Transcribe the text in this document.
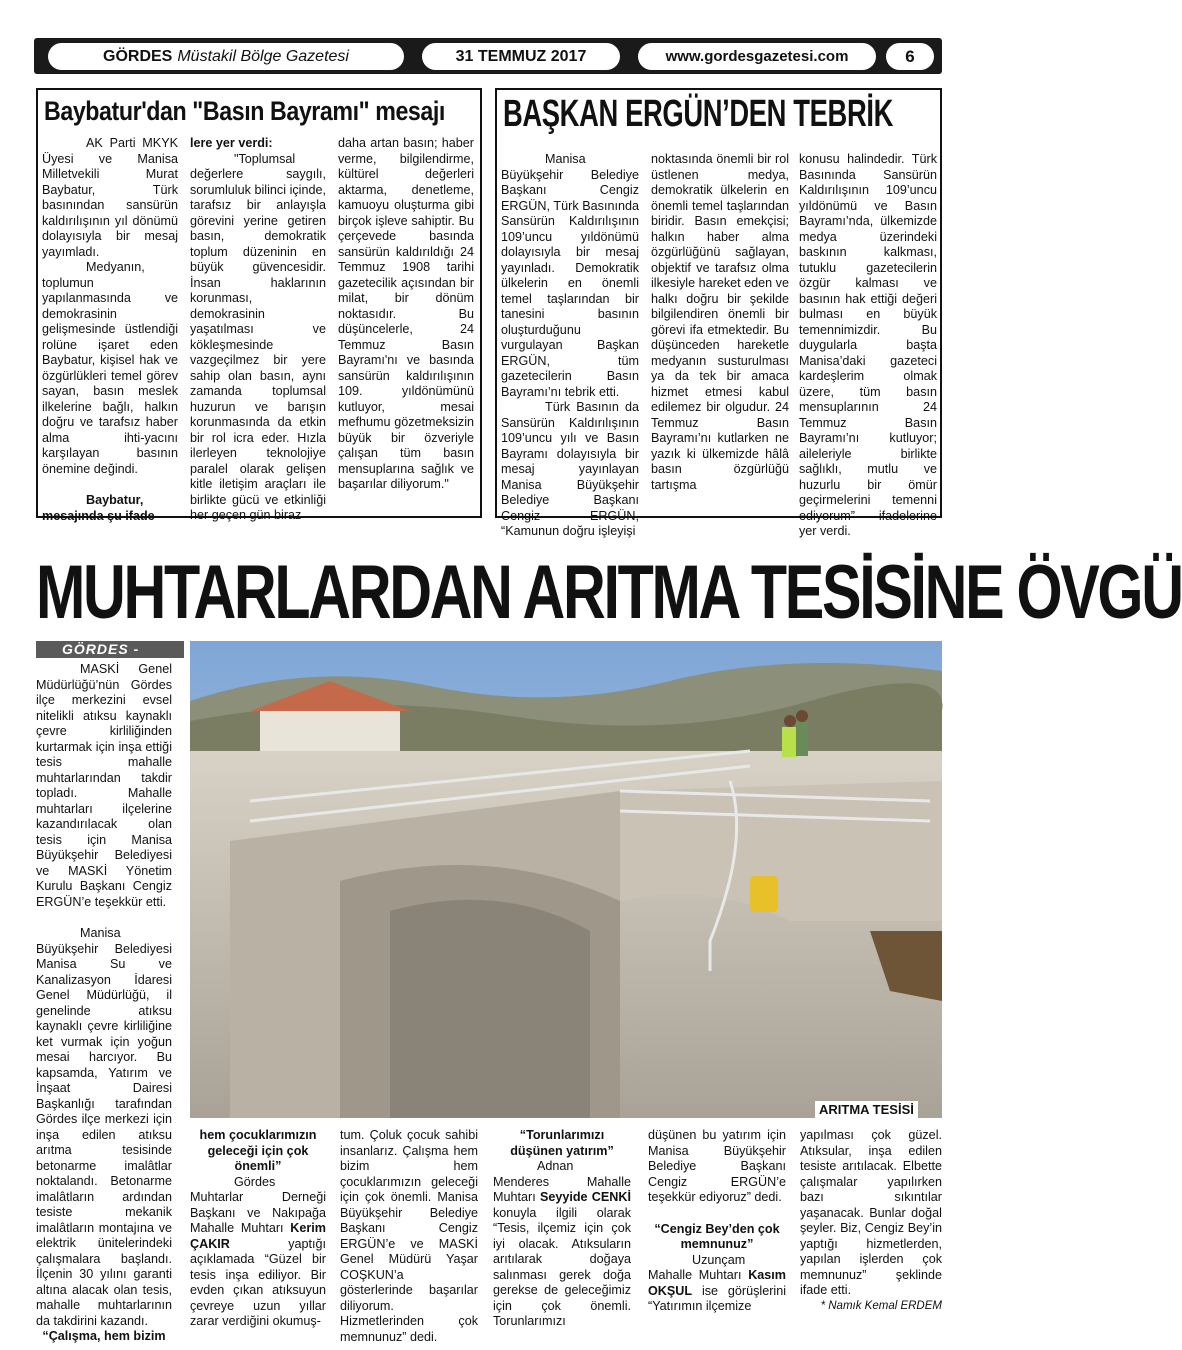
GÖRDES Müstakil Bölge Gazetesi	31 TEMMUZ 2017	www.gordesgazetesi.com	6
Baybatur'dan "Basın Bayramı" mesajı

AK Parti MKYK Üyesi ve Manisa Milletvekili Murat Baybatur, Türk basınından sansürün kaldırılışının yıl dönümü dolayısıyla bir mesaj yayımladı.

Medyanın, toplumun yapılanmasında ve demokrasinin gelişmesinde üstlendiği rolüne işaret eden Baybatur, kişisel hak ve özgürlükleri temel görev sayan, basın meslek ilkelerine bağlı, halkın doğru ve tarafsız haber alma ihti-yacını karşılayan basının önemine değindi.

Baybatur, mesajında şu ifade-

lere yer verdi:

"Toplumsal değerlere saygılı, sorumluluk bilinci içinde, tarafsız bir anlayışla görevini yerine getiren basın, demokratik toplum düzeninin en büyük güvencesidir. İnsan haklarının korunması, demokrasinin yaşatılması ve kökleşmesinde vazgeçilmez bir yere sahip olan basın, aynı zamanda toplumsal huzurun ve barışın korunmasında da etkin bir rol icra eder. Hızla ilerleyen teknolojiye paralel olarak gelişen kitle iletişim araçları ile birlikte gücü ve etkinliği her geçen gün biraz

daha artan basın; haber verme, bilgilendirme, kültürel değerleri aktarma, denetleme, kamuoyu oluşturma gibi birçok işleve sahiptir. Bu çerçevede basında sansürün kaldırıldığı 24 Temmuz 1908 tarihi gazetecilik açısından bir milat, bir dönüm noktasıdır. Bu düşüncelerle, 24 Temmuz Basın Bayramı'nı ve basında sansürün kaldırılışının 109. yıldönümünü kutluyor, mesai mefhumu gözetmeksizin büyük bir özveriyle çalışan tüm basın mensuplarına sağlık ve başarılar diliyorum."
BAŞKAN ERGÜN’DEN TEBRİK

Manisa Büyükşehir Belediye Başkanı Cengiz ERGÜN, Türk Basınında Sansürün Kaldırılışının 109’uncu yıldönümü dolayısıyla bir mesaj yayınladı. Demokratik ülkelerin en önemli temel taşlarından bir tanesini basının oluşturduğunu vurgulayan Başkan ERGÜN, tüm gazetecilerin Basın Bayramı’nı tebrik etti.

Türk Basının da Sansürün Kaldırılışının 109’uncu yılı ve Basın Bayramı dolayısıyla bir mesaj yayınlayan Manisa Büyükşehir Belediye Başkanı Cengiz ERGÜN, “Kamunun doğru işleyişi

noktasında önemli bir rol üstlenen medya, demokratik ülkelerin en önemli temel taşlarından biridir. Basın emekçisi; halkın haber alma özgürlüğünü sağlayan, objektif ve tarafsız olma ilkesiyle hareket eden ve halkı doğru bir şekilde bilgilendiren önemli bir görevi ifa etmektedir. Bu düşünceden hareketle medyanın susturulması ya da tek bir amaca hizmet etmesi kabul edilemez bir olgudur. 24 Temmuz Basın Bayramı’nı kutlarken ne yazık ki ülkemizde hâlâ basın özgürlüğü tartışma
konusu halindedir. Türk Basınında Sansürün Kaldırılışının 109’uncu yıldönümü ve Basın Bayramı’nda, ülkemizde medya üzerindeki baskının kalkması, tutuklu gazetecilerin özgür kalması ve basının hak ettiği değeri bulması en büyük temennimizdir. Bu duygularla başta Manisa’daki gazeteci kardeşlerim olmak üzere, tüm basın mensuplarının 24 Temmuz Basın Bayramı’nı kutluyor; aileleriyle birlikte sağlıklı, mutlu ve huzurlu bir ömür geçirmelerini temenni ediyorum” ifadelerine yer verdi.
MUHTARLARDAN ARITMA TESİSİNE ÖVGÜ
GÖRDES -

MASKİ Genel Müdürlüğü’nün Gördes ilçe merkezini evsel nitelikli atıksu kaynaklı çevre kirliliğinden kurtarmak için inşa ettiği tesis mahalle muhtarlarından takdir topladı. Mahalle muhtarları ilçelerine kazandırılacak olan tesis için Manisa Büyükşehir Belediyesi ve MASKİ Yönetim Kurulu Başkanı Cengiz ERGÜN’e teşekkür etti.

Manisa Büyükşehir Belediyesi Manisa Su ve Kanalizasyon İdaresi Genel Müdürlüğü, il genelinde atıksu kaynaklı çevre kirliliğine ket vurmak için yoğun mesai harcıyor. Bu kapsamda, Yatırım ve İnşaat Dairesi Başkanlığı tarafından Gördes ilçe merkezi için inşa edilen atıksu arıtma tesisinde betonarme imalâtlar noktalandı. Betonarme imalâtların ardından tesiste mekanik imalâtların montajına ve elektrik ünitelerindeki çalışmalara başlandı. İlçenin 30 yılını garanti altına alacak olan tesis, mahalle muhtarlarının da takdirini kazandı.

“Çalışma, hem bizim
ARITMA TESİSİ
hem çocuklarımızın geleceği için çok önemli”

Gördes Muhtarlar Derneği Başkanı ve Nakıpağa Mahalle Muhtarı Kerim ÇAKIR	yaptığı açıklamada “Güzel bir tesis inşa ediliyor. Bir evden çıkan atıksuyun çevreye uzun yıllar zarar verdiğini okumuş-

tum. Çoluk çocuk sahibi insanlarız. Çalışma hem bizim hem çocuklarımızın geleceği için çok önemli. Manisa Büyükşehir Belediye Başkanı Cengiz ERGÜN’e ve MASKİ Genel Müdürü Yaşar COŞKUN’a gösterlerinde başarılar diliyorum. Hizmetlerinden çok memnunuz” dedi.
“Torunlarımızı düşünen yatırım”

Adnan Menderes Mahalle Muhtarı Seyyide CENKİ konuyla ilgili olarak “Tesis, ilçemiz için çok iyi olacak. Atıksuların arıtılarak doğaya salınması gerek doğa gerekse de geleceğimiz için çok önemli. Torunlarımızı

düşünen bu yatırım için Manisa Büyükşehir Belediye Başkanı Cengiz ERGÜN’e teşekkür ediyoruz” dedi.
“Cengiz Bey’den çok memnunuz”

Uzunçam Mahalle Muhtarı Kasım OKŞUL ise görüşlerini “Yatırımın ilçemize

yapılması çok güzel. Atıksular, inşa edilen tesiste arıtılacak. Elbette çalışmalar yapılırken bazı sıkıntılar yaşanacak. Bunlar doğal şeyler. Biz, Cengiz Bey’in yaptığı hizmetlerden, yapılan işlerden çok memnunuz” şeklinde ifade etti.
* Namık Kemal ERDEM
